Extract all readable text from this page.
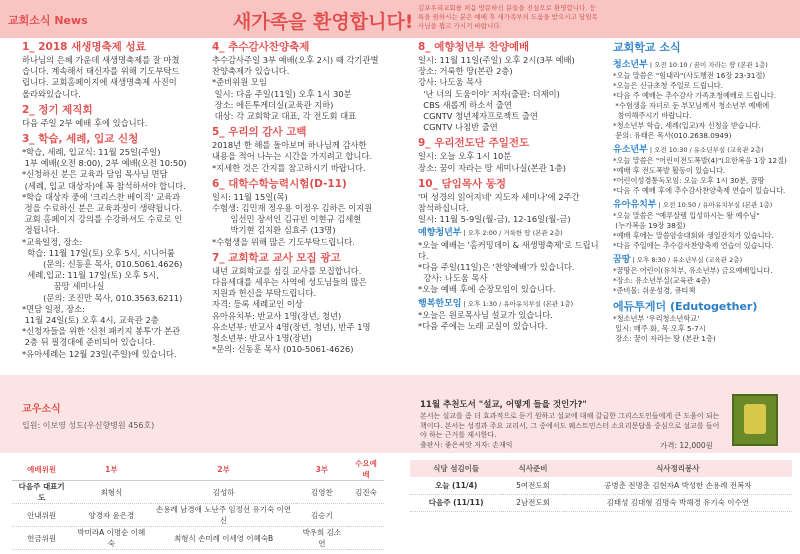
교회소식 News	새가족을 환영합니다!
김포우리교회를 처음 방문하신 분들을 진심으로 환영합니다. 등록을 원하시는 분은 예배 후 새가족부의 도움을 받으시고 담임목사님을 뵙고 가시기 바랍니다.
1_ 2018 새생명축제 성료
하나님의 은혜 가운데 새생명축제를 잘 마쳤
습니다. 계속해서 태신자를 위해 기도부탁드
립니다. 교회홈페이지에 새생명축제 사진이
올라와있습니다.
2_ 정기 제직회
다음 주일 2부 예배 후에 있습니다.
3_ 학습, 세례, 입교 신청
*학습, 세례, 입교식: 11월 25일(주일)
1부 예배(오전 8:00), 2부 예배(오전 10:50)
*신청하신 분은 교육과 담임 목사님 면담
(세례, 입교 대상자)에 꼭 참석하셔야 합니다.
*학습 대상자 중에 '크리스찬 베이직' 교육과
정을 수료하신 분은 교육과정이 생략됩니다.
교회 홈페이지 강의를 수강하셔도 수료로 인
정됩니다.
*교육일정, 장소:
학습: 11월 17일(토) 오후 5시, 시니어룸
(문의: 신동훈 목사, 010.5061.4626)
세례,입교: 11월 17일(토) 오후 5시,
꿈땅 세미나실
(문의: 조진만 목사, 010.3563.6211)
*면담 일정, 장소:
11월 24일(토) 오후 4시, 교육관 2층
*신청자들을 위한 '신천 패키지 봉투'가 본관
2층 뒤 필경대에 준비되어 있습니다.
*유아세례는 12월 23일(주일)에 있습니다.
4_ 추수감사찬양축제
추수감사주일 3부 예배(오후 2시) 때 각기관별
찬양축제가 있습니다.
*준비위원 모임
일시: 다음 주일(11일) 오후 1시 30분
장소: 에든투게더실(교육관 지하)
대상: 각 교회학교 대표, 각 전도회 대표
5_ 우리의 감사 고백
2018년 한 해를 돌아보며 하나님께 감사한
내용을 적어 나누는 시간을 가지려고 합니다.
*지세한 것은 간지를 참고하시기 바랍니다.
6_ 대학수학능력시험(D-11)
일시: 11월 15일(목)
수험생: 김민재 정우용 이정우 김하은 이지원
임선민 장서인 김규빈 이현규 김세현
박기현 김지환 심효주 (13명)
*수험생을 위해 많은 기도부탁드립니다.
7_ 교회학교 교사 모집 광고
내년 교회학교를 섬길 교사를 모집합니다.
다음세대를 세우는 사역에 성도님들의 많은
지원과 헌신을 부탁드립니다.
자격: 등록 세례교인 이상
유아유치부: 반교사 1명(장년, 청년)
유소년부: 반교사 4명(장년, 청년), 반주 1명
청소년부: 반교사 1명(장년)
*문의: 신동훈 목사 (010-5061-4626)
8_ 예향청년부 찬양예배
일시: 11월 11일(주일) 오후 2시(3부 예배)
장소: 거룩한 땅(본관 2층)
강사: 나도움 목사
'난 너의 도움이야' 저자(출판: 더제이)
CBS 새롭게 하소서 출연
CGNTV 청년제자프로젝트 출연
CGNTV 나침반 출연
9_ 우리전도단 주일전도
일시: 오늘 오후 1시 10분
장소: 꿈이 자라는 땅 세미나실(본관 1층)
10_ 담임목사 동정
'머 성경의 읽어지네' 지도자 세미나'에 2주간
참석하십니다.
일시: 11월 5-9일(월-금), 12-16일(월-금)
예향청년부 | 오후 2:00 / 거룩한 땅 (본관 2층)
*오늘 예배는 '홈커밍데이 & 새생명축제'로 드립니다.
*다음 주일(11일)은 '찬양예배'가 있습니다.
강사: 나도움 목사
*오늘 예배 후에 순장모임이 있습니다.
행복한모임 | 오후 1:30 / 유아유치부실 (본관 1층)
*오늘은 원로목사님 설교가 있습니다.
*다음 주에는 노래 교실이 있습니다.
교회학교 소식
청소년부 | 오전 10:10 / 꿈이 자라는 땅 (본관 1층)
*오늘 말씀은 "힘내라"(사도행전 16장 23-31절)
*오늘은 신규초청 주일로 드립니다.
*다음 주 예배는 추수감사 가족초청예배로 드립니다.
*수험생을 자녀로 둔 부모님께서 청소년부 예배에
참여해주시기 바랍니다.
*청소년부 학습, 세례(입교)자 신청을 받습니다.
문의: 유태은 목사(010.2638.0949)
유소년부 | 오전 10:30 / 유소년부실 (교육관 2층)
*오늘 말씀은 "어린이전도폭발(4)"(요한복음 1장 12절)
*예배 후 전도폭발 활동이 있습니다.
*어린이성경통독모임: 오늘 오후 1시 30분, 꿈땅
*다음 주 예배 후에 추수감사찬양축제 연습이 있습니다.
유아유치부 | 오전 10:50 / 유아유치부실 (본관 1층)
*오늘 말씀은 "예루살렘 입성하시는 왕 예수님"
(누가복음 19장 38절)
*예배 후에는 말씀암송대회와 생일잔치가 있습니다.
*다음 주일에는 추수감사찬양축제 연습이 있습니다.
꿈땅 | 오후 8:30 / 유소년부실 (교육관 2층)
*꿈땅은 어린이(유치부, 유소년부) 금요예배입니다.
*장소: 유소년부실(교육관 4층)
*준비물: 쉬운성경, 큐티책
에듀투게더 (Edutogether)
*청소년부 '우리청소년학교'
일시: 매주 화, 목 오후 5-7시
장소: 꿈이 자라는 땅 (본관 1층)
교우소식
입원: 이보영 성도(우신향병원 456호)
11월 추천도서 "설교, 어떻게 들을 것인가?"
본서는 설교를 좀 더 효과적으로 듣기 원하고 설교에 대해 갈급한 그리스도인들에게 큰 도움이 되는 책이다. 본서는 성경과 주요 교리서, 그 중에서도 웨스트민스터 소요리문답을 중심으로 설교를 들어야 하는 근거를 제시한다.
출판사: 좋은씨앗 저자: 손재익	가격: 12,000원
예배위원	1부	2부	3부	수요예배
다음주 대표기도	최형식	김성하	김영찬	김진숙
안내위원	양경자 윤은경	손용례 남경애 노난주 임정선 유기숙 이연신	김승기	
헌금위원	박미라A 이명순 이혜숙	최형식 손미례 이세영 이혜숙B	박우희 김소연	
식당 섬김이들	식사준비	식사정리봉사
오늘 (11/4)	5여전도회	공병춘 전명춘 김현자A 박성한 손용례 전복자
다음주 (11/11)	2남전도회	김태성 김대형 김명숙 박해경 유기숙 이수연
